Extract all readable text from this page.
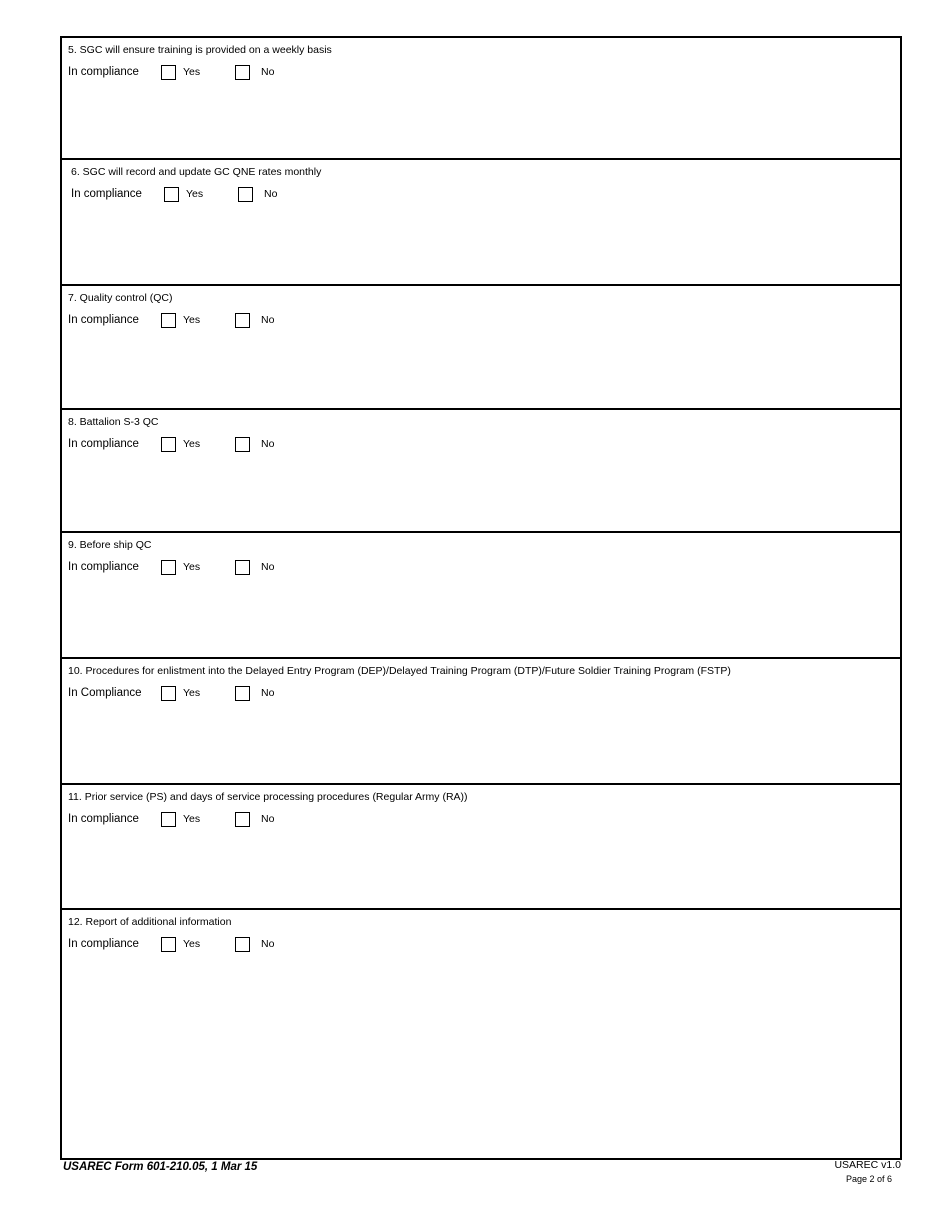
5. SGC will ensure training is provided on a weekly basis
In compliance	Yes	No
6. SGC will record and update GC QNE rates monthly
In compliance	Yes	No
7. Quality control (QC)
In compliance	Yes	No
8. Battalion S-3 QC
In compliance	Yes	No
9. Before ship QC
In compliance	Yes	No
10. Procedures for enlistment into the Delayed Entry Program (DEP)/Delayed Training Program (DTP)/Future Soldier Training Program (FSTP)
In Compliance	Yes	No
11. Prior service (PS) and days of service processing procedures (Regular Army (RA))
In compliance	Yes	No
12. Report of additional information
In compliance	Yes	No
USAREC Form 601-210.05, 1 Mar 15	USAREC v1.0
Page 2 of 6
